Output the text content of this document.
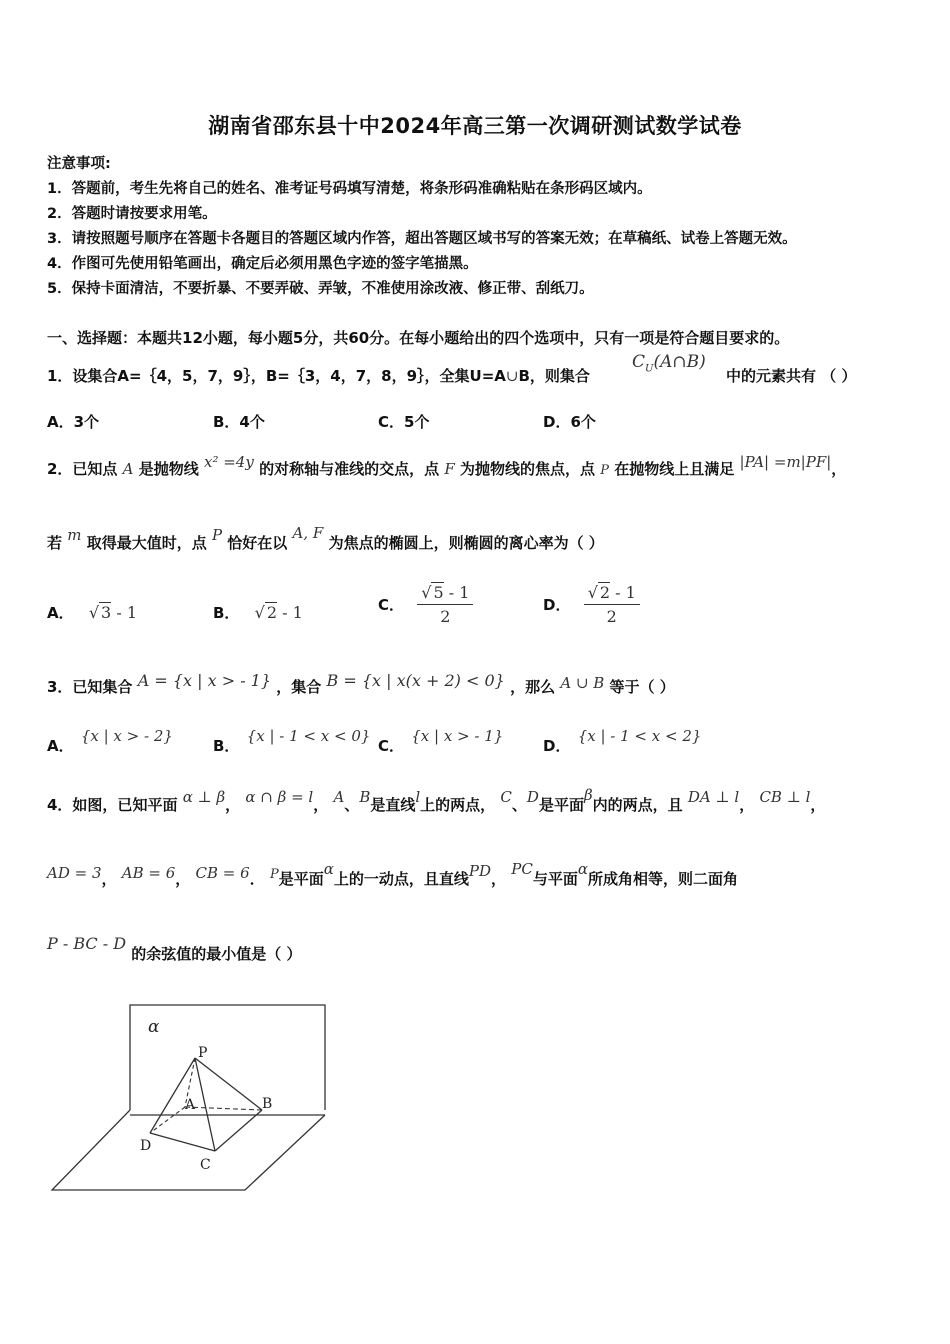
湖南省邵东县十中2024年高三第一次调研测试数学试卷
注意事项:
1．答题前，考生先将自己的姓名、准考证号码填写清楚，将条形码准确粘贴在条形码区域内。
2．答题时请按要求用笔。
3．请按照题号顺序在答题卡各题目的答题区域内作答，超出答题区域书写的答案无效；在草稿纸、试卷上答题无效。
4．作图可先使用铅笔画出，确定后必须用黑色字迹的签字笔描黑。
5．保持卡面清洁，不要折暴、不要弄破、弄皱，不准使用涂改液、修正带、刮纸刀。
一、选择题：本题共12小题，每小题5分，共60分。在每小题给出的四个选项中，只有一项是符合题目要求的。
1．设集合A=｛4，5，7，9｝，B=｛3，4，7，8，9｝，全集U=A∪B，则集合
$C_U(A\cap B)$
中的元素共有 （ ）
A．3个	B．4个	C．5个	D．6个
2．已知点 A 是抛物线 x² =4y 的对称轴与准线的交点，点 F 为抛物线的焦点，点 P 在抛物线上且满足 |PA| =m|PF|，
若 m 取得最大值时，点 P 恰好在以 A, F 为焦点的椭圆上，则椭圆的离心率为（ ）
A． √ 3 - 1	B． √ 2 - 1	C． $\frac{√ 5 - 1}{2}$	D． $\frac{√ 2 - 1}{2}$
3．已知集合 A = {x | x > - 1} ，集合 B = {x | x(x + 2) < 0} ，那么 A ∪ B 等于（ ）
A． {x | x > - 2}
B． {x | - 1 < x < 0}
C． {x | x > - 1}
D． {x | - 1 < x < 2}
4．如图，已知平面 α ⊥ β， α ∩ β = l， A、B是直线l上的两点， C、D是平面β内的两点，且 DA ⊥ l， CB ⊥ l，
AD = 3， AB = 6， CB = 6． P是平面α上的一动点，且直线PD， PC与平面α所成角相等，则二面角
P - BC - D 的余弦值的最小值是（ ）
α
P
A	B
D
C
